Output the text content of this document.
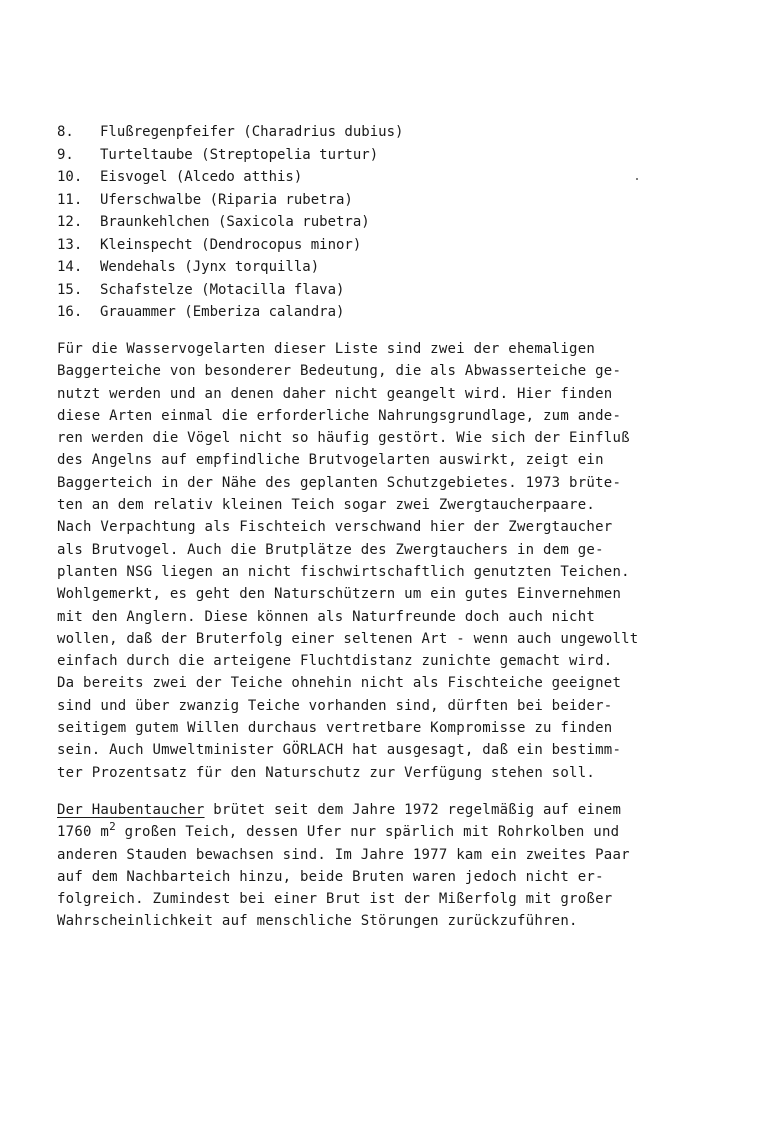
8.	Flußregenpfeifer (Charadrius dubius)
9.	Turteltaube (Streptopelia turtur)
10.	Eisvogel (Alcedo atthis)
11.	Uferschwalbe (Riparia rubetra)
12.	Braunkehlchen (Saxicola rubetra)
13.	Kleinspecht (Dendrocopus minor)
14.	Wendehals (Jynx torquilla)
15.	Schafstelze (Motacilla flava)
16.	Grauammer (Emberiza calandra)

Für die Wasservogelarten dieser Liste sind zwei der ehemaligen
Baggerteiche von besonderer Bedeutung, die als Abwasserteiche ge-
nutzt werden und an denen daher nicht geangelt wird. Hier finden
diese Arten einmal die erforderliche Nahrungsgrundlage, zum ande-
ren werden die Vögel nicht so häufig gestört. Wie sich der Einfluß
des Angelns auf empfindliche Brutvogelarten auswirkt, zeigt ein
Baggerteich in der Nähe des geplanten Schutzgebietes. 1973 brüte-
ten an dem relativ kleinen Teich sogar zwei Zwergtaucherpaare.
Nach Verpachtung als Fischteich verschwand hier der Zwergtaucher
als Brutvogel. Auch die Brutplätze des Zwergtauchers in dem ge-
planten NSG liegen an nicht fischwirtschaftlich genutzten Teichen.
Wohlgemerkt, es geht den Naturschützern um ein gutes Einvernehmen
mit den Anglern. Diese können als Naturfreunde doch auch nicht
wollen, daß der Bruterfolg einer seltenen Art - wenn auch ungewollt
einfach durch die arteigene Fluchtdistanz zunichte gemacht wird.
Da bereits zwei der Teiche ohnehin nicht als Fischteiche geeignet
sind und über zwanzig Teiche vorhanden sind, dürften bei beider-
seitigem gutem Willen durchaus vertretbare Kompromisse zu finden
sein. Auch Umweltminister GÖRLACH hat ausgesagt, daß ein bestimm-
ter Prozentsatz für den Naturschutz zur Verfügung stehen soll.

Der Haubentaucher brütet seit dem Jahre 1972 regelmäßig auf einem
1760 $m^2$ großen Teich, dessen Ufer nur spärlich mit Rohrkolben und
anderen Stauden bewachsen sind. Im Jahre 1977 kam ein zweites Paar
auf dem Nachbarteich hinzu, beide Bruten waren jedoch nicht er-
folgreich. Zumindest bei einer Brut ist der Mißerfolg mit großer
Wahrscheinlichkeit auf menschliche Störungen zurückzuführen.
